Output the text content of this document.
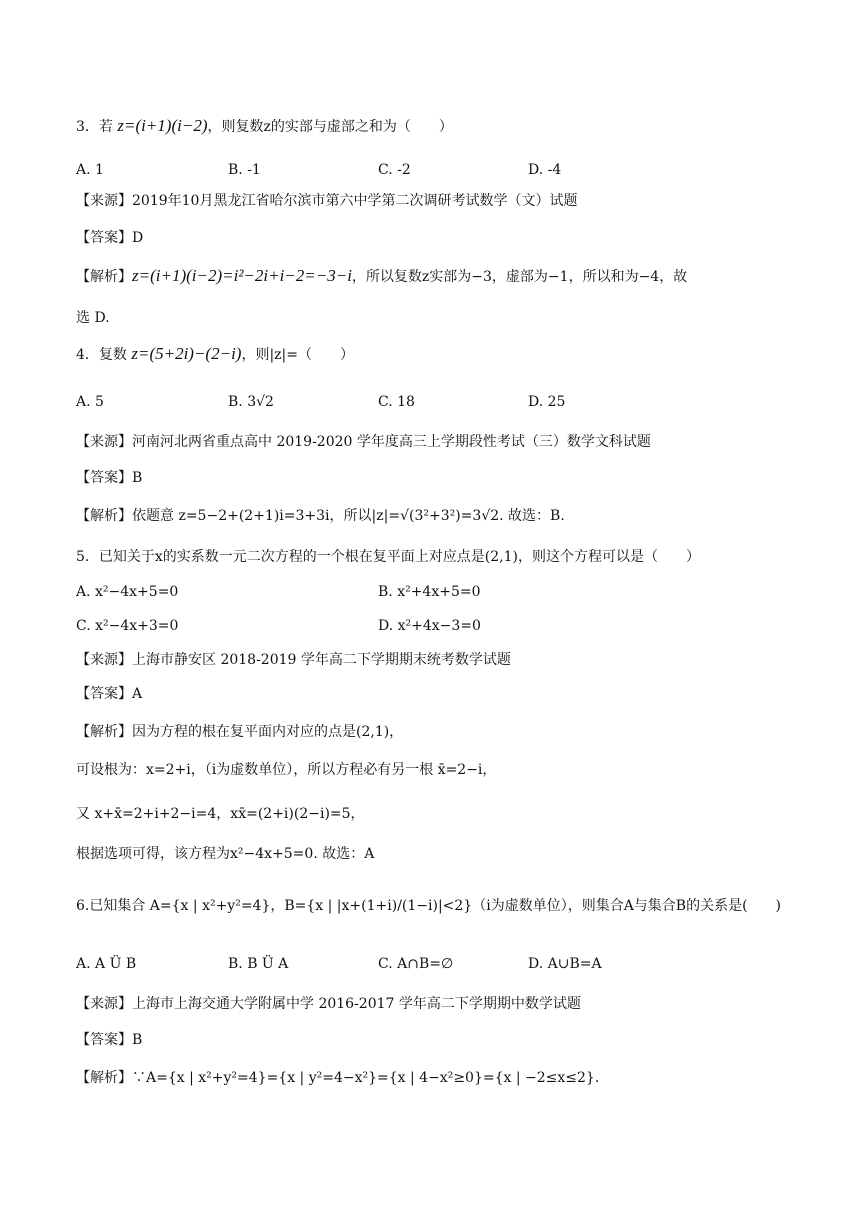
3．若 z=(i+1)(i−2)，则复数z的实部与虚部之和为（　　）
A. 1	B. -1	C. -2	D. -4
【来源】2019年10月黑龙江省哈尔滨市第六中学第二次调研考试数学（文）试题
【答案】D
【解析】z=(i+1)(i−2)=i²−2i+i−2=−3−i，所以复数z实部为−3，虚部为−1，所以和为−4，故
选 D.
4．复数 z=(5+2i)−(2−i)，则|z|=（　　）
A. 5	B. 3√2	C. 18	D. 25
【来源】河南河北两省重点高中 2019-2020 学年度高三上学期段性考试（三）数学文科试题
【答案】B
【解析】依题意 z=5−2+(2+1)i=3+3i，所以|z|=√(3²+3²)=3√2. 故选：B.
5．已知关于x的实系数一元二次方程的一个根在复平面上对应点是(2,1)，则这个方程可以是（　　）
A. x²−4x+5=0	B. x²+4x+5=0
C. x²−4x+3=0	D. x²+4x−3=0
【来源】上海市静安区 2018-2019 学年高二下学期期末统考数学试题
【答案】A
【解析】因为方程的根在复平面内对应的点是(2,1)，
可设根为：x=2+i，（i为虚数单位），所以方程必有另一根 x̄=2−i，
又 x+x̄=2+i+2−i=4，xx̄=(2+i)(2−i)=5，
根据选项可得，该方程为x²−4x+5=0. 故选：A
6.已知集合 A={x | x²+y²=4}，B={x | |x+(1+i)/(1−i)|<2}（i为虚数单位），则集合A与集合B的关系是(　　)
A. A Ü B	B. B Ü A	C. A∩B=∅	D. A∪B=A
【来源】上海市上海交通大学附属中学 2016-2017 学年高二下学期期中数学试题
【答案】B
【解析】∵A={x | x²+y²=4}={x | y²=4−x²}={x | 4−x²≥0}={x | −2≤x≤2}.
